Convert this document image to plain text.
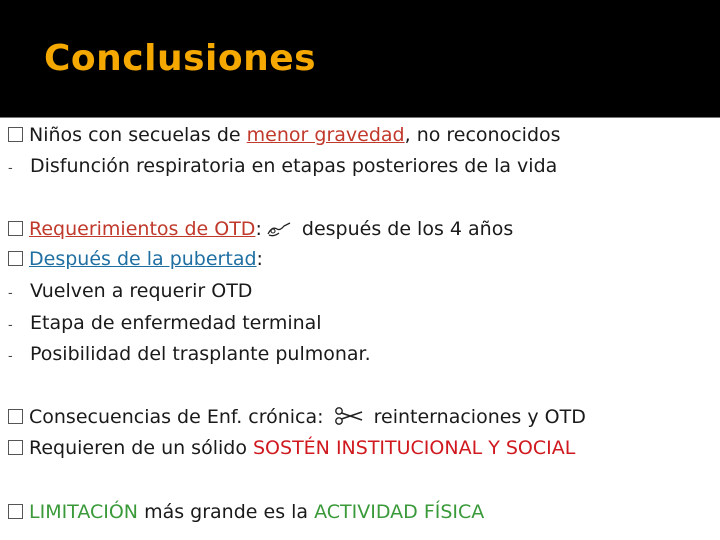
Conclusiones
Niños con secuelas de menor gravedad, no reconocidos
- Disfunción respiratoria en etapas posteriores de la vida
Requerimientos de OTD: después de los 4 años
Después de la pubertad:
- Vuelven a requerir OTD
- Etapa de enfermedad terminal
- Posibilidad del trasplante pulmonar.
Consecuencias de Enf. crónica:  reinternaciones y OTD
Requieren de un sólido SOSTÉN INSTITUCIONAL Y SOCIAL
LIMITACIÓN más grande es la ACTIVIDAD FÍSICA
